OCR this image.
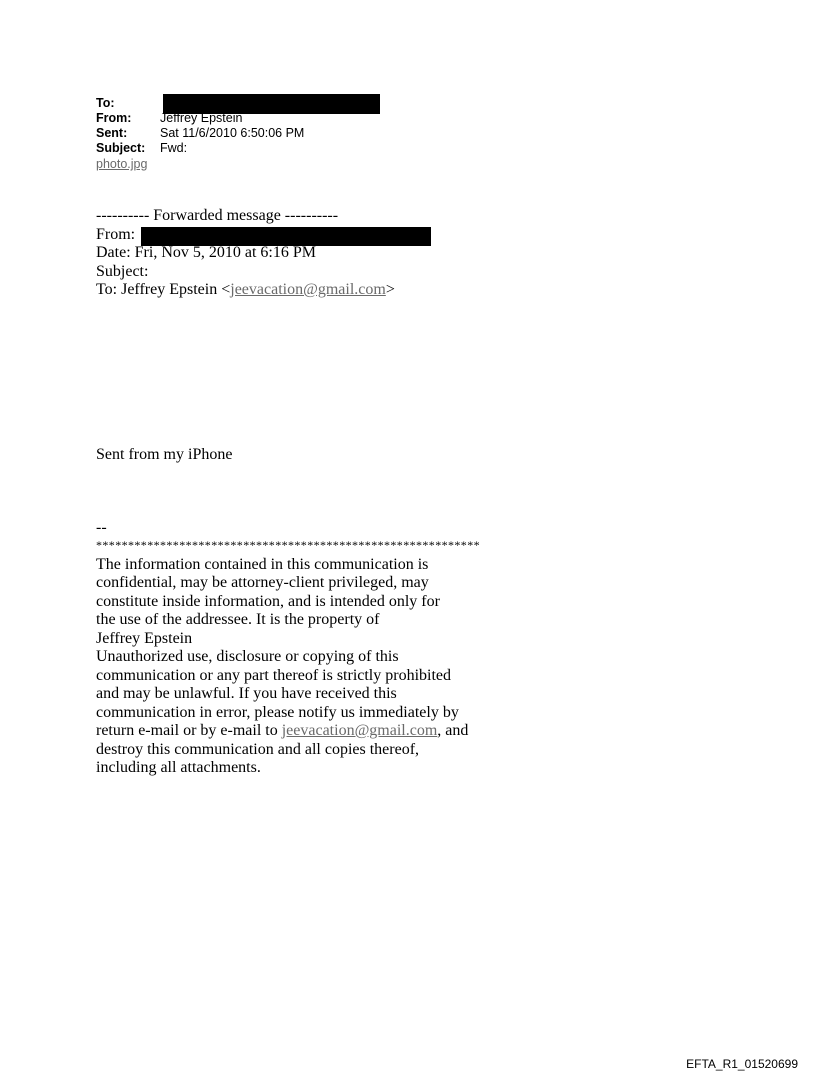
To:
From:	Jeffrey Epstein
Sent:	Sat 11/6/2010 6:50:06 PM
Subject:	Fwd:
photo.jpg
---------- Forwarded message ----------
From:
Date: Fri, Nov 5, 2010 at 6:16 PM
Subject:
To: Jeffrey Epstein <jeevacation@gmail.com>
Sent from my iPhone
--
************************************************************
The information contained in this communication is
confidential, may be attorney-client privileged, may
constitute inside information, and is intended only for
the use of the addressee. It is the property of
Jeffrey Epstein
Unauthorized use, disclosure or copying of this
communication or any part thereof is strictly prohibited
and may be unlawful. If you have received this
communication in error, please notify us immediately by
return e-mail or by e-mail to jeevacation@gmail.com, and
destroy this communication and all copies thereof,
including all attachments.
EFTA_R1_01520699
